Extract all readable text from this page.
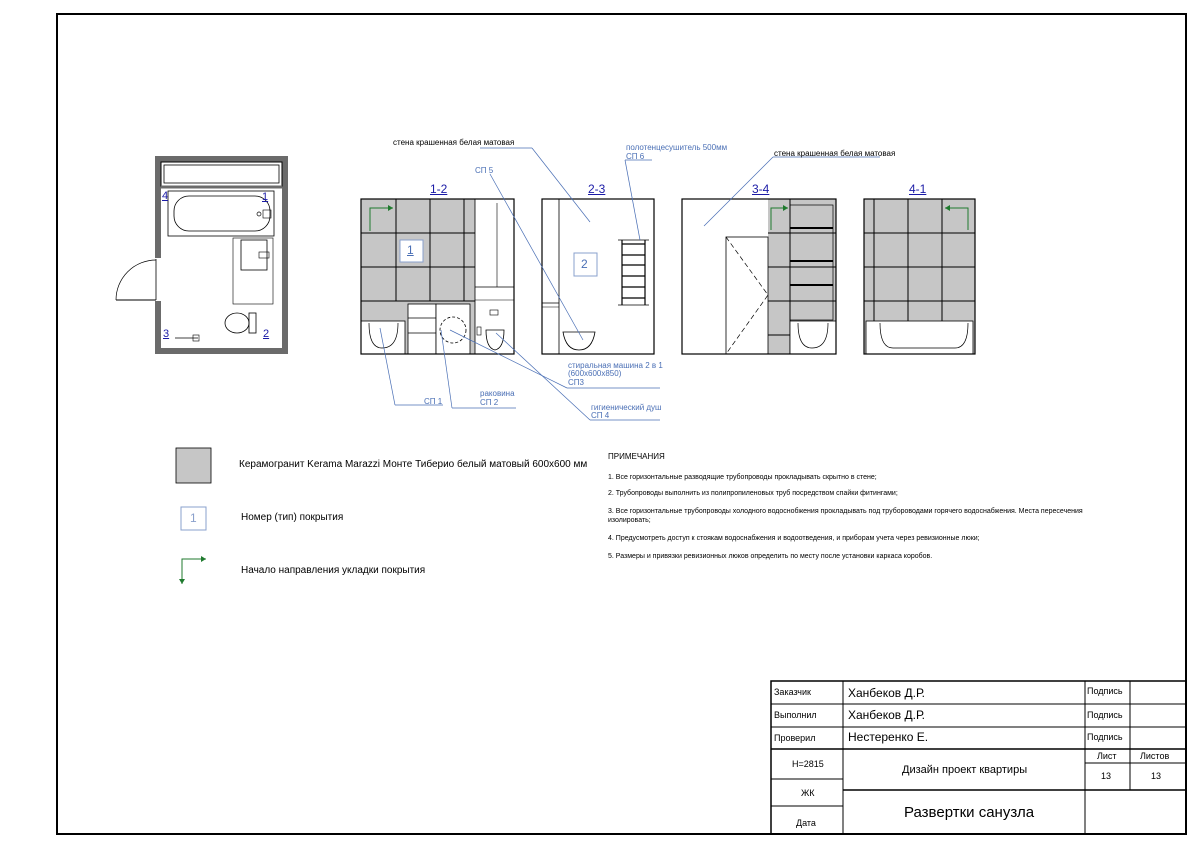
4	1
3	2
1-2	2-3	3-4	4-1
1
2
стена крашенная белая матовая
СП 5
полотенцесушитель 500мм
СП 6	стена крашенная белая матовая
стиральная машина 2 в 1
(600х600х850)
СП3
СП 1
раковина
СП 2
гигиенический душ
СП 4
Керамогранит Kerama Marazzi Монте Тиберио белый матовый 600х600 мм
1	Номер (тип) покрытия
Начало направления укладки покрытия
ПРИМЕЧАНИЯ
1. Все горизонтальные разводящие трубопроводы прокладывать скрытно в стене;
2. Трубопроводы выполнить из полипропиленовых труб посредством спайки фитингами;
3. Все горизонтальные трубопроводы холодного водоснобжения прокладывать под трубороводами горячего водоснабжения. Места пересечения
изолировать;
4. Предусмотреть доступ к стоякам водоснабжения и водоотведения, и приборам учета через ревизионные люки;
5. Размеры и привязки ревизионных люков определить по месту после установки каркаса коробов.
Заказчик	Ханбеков Д.Р.	Подпись
Выполнил	Ханбеков Д.Р.	Подпись
Проверил	Нестеренко Е.	Подпись
Н=2815
ЖК
Дата
Дизайн проект квартиры
Лист	Листов
13	13
Развертки санузла
